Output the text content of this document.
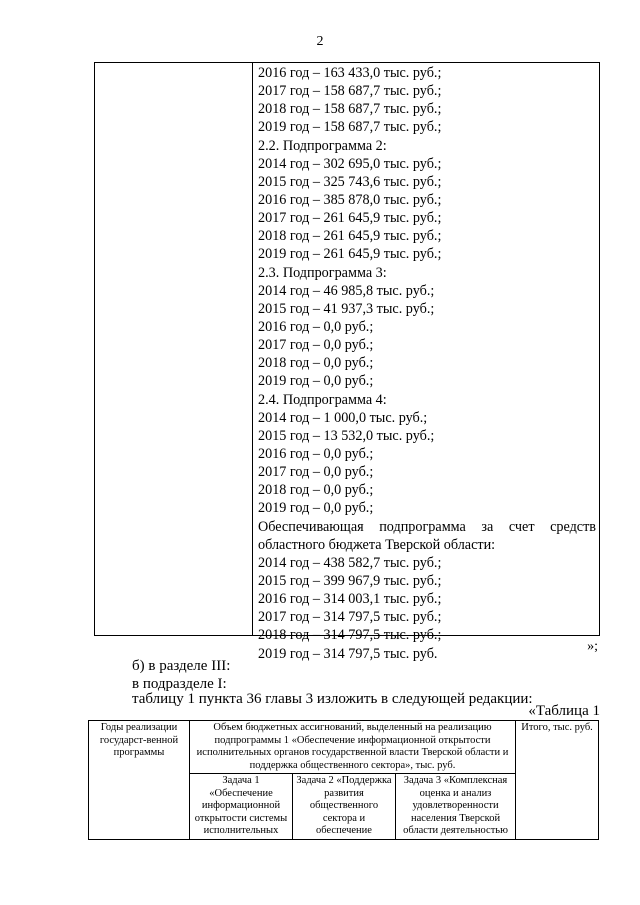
2
2016 год – 163 433,0 тыс. руб.;
2017 год – 158 687,7 тыс. руб.;
2018 год – 158 687,7 тыс. руб.;
2019 год – 158 687,7 тыс. руб.;
2.2. Подпрограмма 2:
2014 год – 302 695,0 тыс. руб.;
2015 год – 325 743,6 тыс. руб.;
2016 год – 385 878,0 тыс. руб.;
2017 год – 261 645,9 тыс. руб.;
2018 год – 261 645,9 тыс. руб.;
2019 год – 261 645,9 тыс. руб.;
2.3. Подпрограмма 3:
2014 год – 46 985,8 тыс. руб.;
2015 год – 41 937,3 тыс. руб.;
2016 год – 0,0 руб.;
2017 год – 0,0 руб.;
2018 год – 0,0 руб.;
2019 год – 0,0 руб.;
2.4. Подпрограмма 4:
2014 год – 1 000,0 тыс. руб.;
2015 год – 13 532,0 тыс. руб.;
2016 год – 0,0 руб.;
2017 год – 0,0 руб.;
2018 год – 0,0 руб.;
2019 год – 0,0 руб.;
Обеспечивающая подпрограмма за счет средств
областного бюджета Тверской области:
2014 год – 438 582,7 тыс. руб.;
2015 год – 399 967,9 тыс. руб.;
2016 год – 314 003,1 тыс. руб.;
2017 год – 314 797,5 тыс. руб.;
2018 год – 314 797,5 тыс. руб.;
2019 год – 314 797,5 тыс. руб.	»;
б) в разделе III:
в подразделе I:
таблицу 1 пункта 36 главы 3 изложить в следующей редакции:
«Таблица 1
Годы реализации государст-венной программы	Объем бюджетных ассигнований, выделенный на реализацию подпрограммы 1 «Обеспечение информационной открытости исполнительных органов государственной власти Тверской области и поддержка общественного сектора», тыс. руб.			Итого, тыс. руб.
	Задача 1 «Обеспечение информационной открытости системы исполнительных	Задача 2 «Поддержка развития общественного сектора и обеспечение	Задача 3 «Комплексная оценка и анализ удовлетворенности населения Тверской области деятельностью	
